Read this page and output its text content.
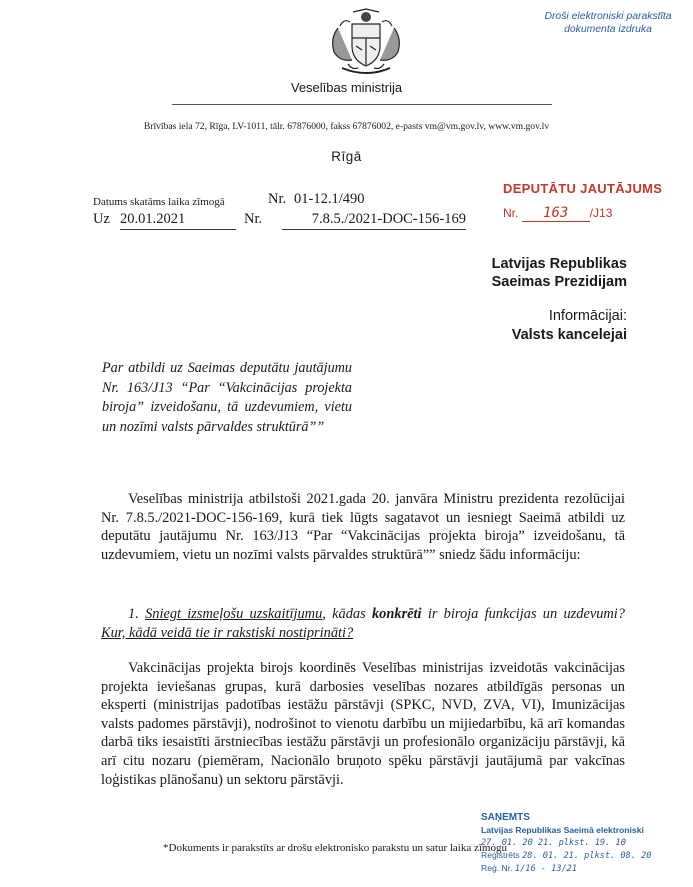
Veselības ministrija
Brīvības iela 72, Rīga, LV-1011, tālr. 67876000, fakss 67876002, e-pasts vm@vm.gov.lv, www.vm.gov.lv
Rīgā
Droši elektroniski parakstīta
dokumenta izdruka
Datums skatāms laika zīmogā	Nr. 01-12.1/490
Uz 20.01.2021	Nr.	7.8.5./2021-DOC-156-169
DEPUTĀTU JAUTĀJUMS
Nr. 163 /J13
Latvijas Republikas
Saeimas Prezidijam
Informācijai:
Valsts kancelejai
Par atbildi uz Saeimas deputātu jautājumu Nr. 163/J13 “Par “Vakcinācijas projekta biroja” izveidošanu, tā uzdevumiem, vietu un nozīmi valsts pārvaldes struktūrā””
Veselības ministrija atbilstoši 2021.gada 20. janvāra Ministru prezidenta rezolūcijai Nr. 7.8.5./2021-DOC-156-169, kurā tiek lūgts sagatavot un iesniegt Saeimā atbildi uz deputātu jautājumu Nr. 163/J13 “Par “Vakcinācijas projekta biroja” izveidošanu, tā uzdevumiem, vietu un nozīmi valsts pārvaldes struktūrā”” sniedz šādu informāciju:
1. Sniegt izsmeļošu uzskaitījumu, kādas konkrēti ir biroja funkcijas un uzdevumi? Kur, kādā veidā tie ir rakstiski nostiprināti?
Vakcinācijas projekta birojs koordinēs Veselības ministrijas izveidotās vakcinācijas projekta ieviešanas grupas, kurā darbosies veselības nozares atbildīgās personas un eksperti (ministrijas padotības iestāžu pārstāvji (SPKC, NVD, ZVA, VI), Imunizācijas valsts padomes pārstāvji), nodrošinot to vienotu darbību un mijiedarbību, kā arī komandas darbā tiks iesaistīti ārstniecības iestāžu pārstāvji un profesionālo organizāciju pārstāvji, kā arī citu nozaru (piemēram, Nacionālo bruņoto spēku pārstāvji jautājumā par vakcīnas loģistikas plānošanu) un sektoru pārstāvji.
*Dokuments ir parakstīts ar drošu elektronisko parakstu un satur laika zīmogu
SAŅEMTS
Latvijas Republikas Saeimā elektroniski
27. 01. 20 21. plkst. 19. 10
Reģistrēts 28. 01. 21. plkst. 08. 20
Reģ. Nr. 1/16 - 13/21
